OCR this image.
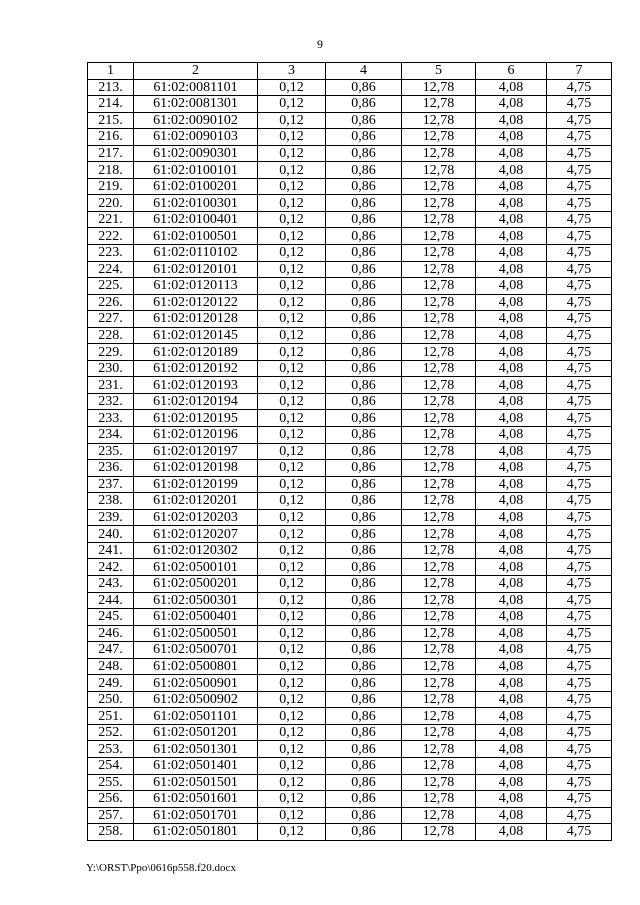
9
1	2	3	4	5	6	7
213.	61:02:0081101	0,12	0,86	12,78	4,08	4,75
214.	61:02:0081301	0,12	0,86	12,78	4,08	4,75
215.	61:02:0090102	0,12	0,86	12,78	4,08	4,75
216.	61:02:0090103	0,12	0,86	12,78	4,08	4,75
217.	61:02:0090301	0,12	0,86	12,78	4,08	4,75
218.	61:02:0100101	0,12	0,86	12,78	4,08	4,75
219.	61:02:0100201	0,12	0,86	12,78	4,08	4,75
220.	61:02:0100301	0,12	0,86	12,78	4,08	4,75
221.	61:02:0100401	0,12	0,86	12,78	4,08	4,75
222.	61:02:0100501	0,12	0,86	12,78	4,08	4,75
223.	61:02:0110102	0,12	0,86	12,78	4,08	4,75
224.	61:02:0120101	0,12	0,86	12,78	4,08	4,75
225.	61:02:0120113	0,12	0,86	12,78	4,08	4,75
226.	61:02:0120122	0,12	0,86	12,78	4,08	4,75
227.	61:02:0120128	0,12	0,86	12,78	4,08	4,75
228.	61:02:0120145	0,12	0,86	12,78	4,08	4,75
229.	61:02:0120189	0,12	0,86	12,78	4,08	4,75
230.	61:02:0120192	0,12	0,86	12,78	4,08	4,75
231.	61:02:0120193	0,12	0,86	12,78	4,08	4,75
232.	61:02:0120194	0,12	0,86	12,78	4,08	4,75
233.	61:02:0120195	0,12	0,86	12,78	4,08	4,75
234.	61:02:0120196	0,12	0,86	12,78	4,08	4,75
235.	61:02:0120197	0,12	0,86	12,78	4,08	4,75
236.	61:02:0120198	0,12	0,86	12,78	4,08	4,75
237.	61:02:0120199	0,12	0,86	12,78	4,08	4,75
238.	61:02:0120201	0,12	0,86	12,78	4,08	4,75
239.	61:02:0120203	0,12	0,86	12,78	4,08	4,75
240.	61:02:0120207	0,12	0,86	12,78	4,08	4,75
241.	61:02:0120302	0,12	0,86	12,78	4,08	4,75
242.	61:02:0500101	0,12	0,86	12,78	4,08	4,75
243.	61:02:0500201	0,12	0,86	12,78	4,08	4,75
244.	61:02:0500301	0,12	0,86	12,78	4,08	4,75
245.	61:02:0500401	0,12	0,86	12,78	4,08	4,75
246.	61:02:0500501	0,12	0,86	12,78	4,08	4,75
247.	61:02:0500701	0,12	0,86	12,78	4,08	4,75
248.	61:02:0500801	0,12	0,86	12,78	4,08	4,75
249.	61:02:0500901	0,12	0,86	12,78	4,08	4,75
250.	61:02:0500902	0,12	0,86	12,78	4,08	4,75
251.	61:02:0501101	0,12	0,86	12,78	4,08	4,75
252.	61:02:0501201	0,12	0,86	12,78	4,08	4,75
253.	61:02:0501301	0,12	0,86	12,78	4,08	4,75
254.	61:02:0501401	0,12	0,86	12,78	4,08	4,75
255.	61:02:0501501	0,12	0,86	12,78	4,08	4,75
256.	61:02:0501601	0,12	0,86	12,78	4,08	4,75
257.	61:02:0501701	0,12	0,86	12,78	4,08	4,75
258.	61:02:0501801	0,12	0,86	12,78	4,08	4,75
Y:\ORST\Ppo\0616p558.f20.docx
